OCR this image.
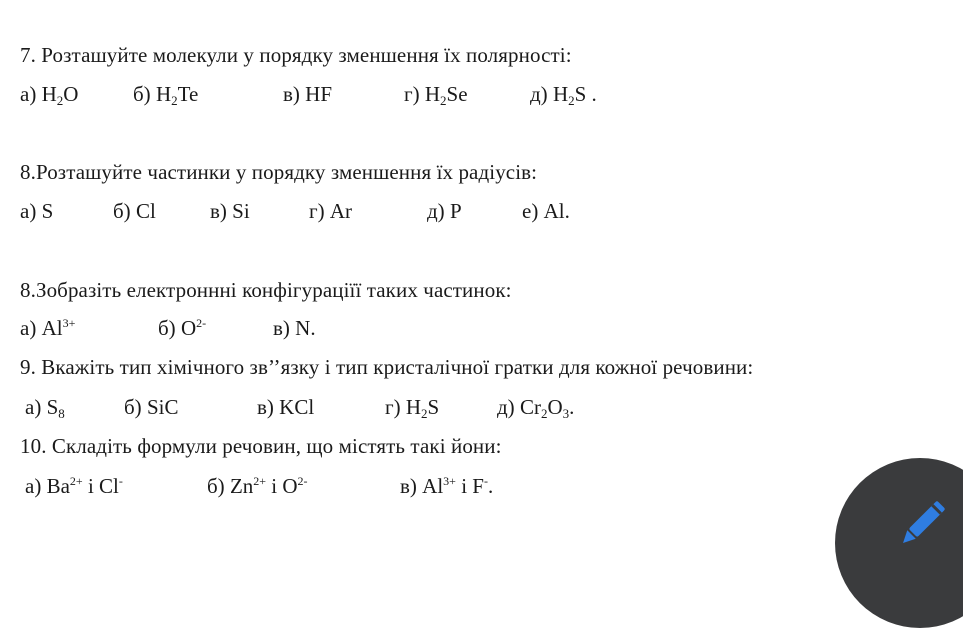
7. Розташуйте молекули у порядку зменшення їх полярності:
а) $H_2O$	б) $H_2Te$	в) HF	г) $H_2Se$	д) $H_2S$ .
8.Розташуйте частинки у порядку зменшення їх радіусів:
а) S	б) Cl	в) Si	г) Ar	д) P	е) Al.
8.Зобразіть електроннні конфігураціїї таких частинок:
а) $Al^{3+}$	б) $O^{2-}$	в) N.
9. Вкажіть тип хімічного зв’’язку і тип кристалічної гратки для кожної речовини:
а) $S_8$	б) SiC	в) KCl	г) $H_2S$	д) $Cr_2O_3$.
10. Складіть формули речовин, що містять такі йони:
а) $Ba^{2+}$ і Cl-	б) $Zn^{2+}$ і $O^{2-}$	в) $Al^{3+}$ і F-.
